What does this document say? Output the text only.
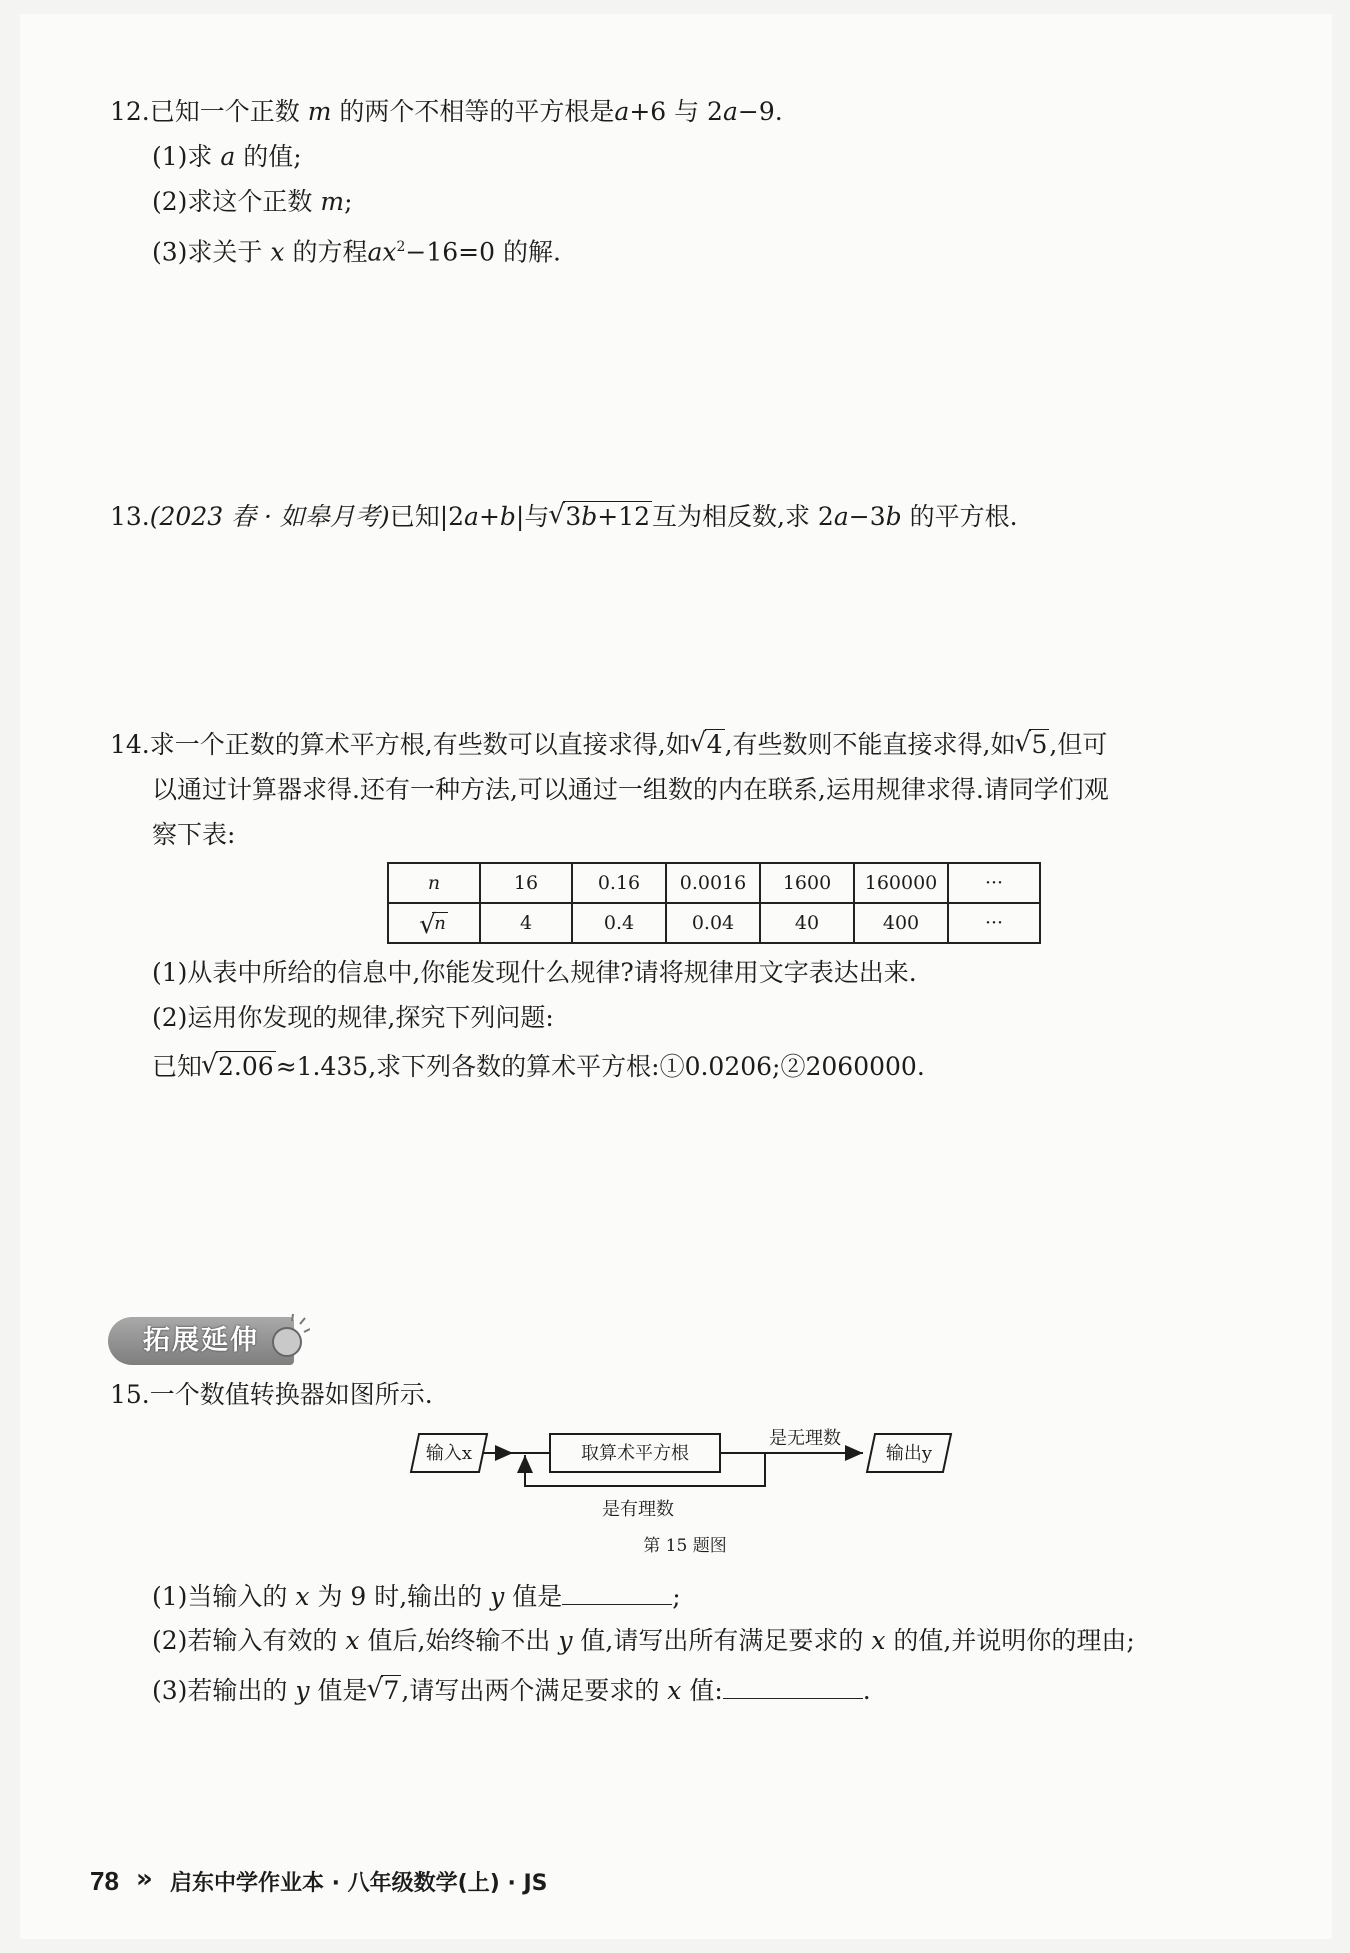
12.已知一个正数 m 的两个不相等的平方根是a+6 与 2a−9.
(1)求 a 的值;
(2)求这个正数 m;
(3)求关于 x 的方程$ax^2-16=0$ 的解.
13.(2023 春 · 如皋月考)已知|2a+b|与 √ 3b+12互为相反数,求 2a−3b 的平方根.
14.求一个正数的算术平方根,有些数可以直接求得,如 √ 4,有些数则不能直接求得,如 √ 5,但可
以通过计算器求得.还有一种方法,可以通过一组数的内在联系,运用规律求得.请同学们观
察下表:
n	16	0.16	0.0016	1600	160000	···
√ n	4	0.4	0.04	40	400	···
(1)从表中所给的信息中,你能发现什么规律?请将规律用文字表达出来.
(2)运用你发现的规律,探究下列问题:
已知 √ 2.06≈1.435,求下列各数的算术平方根:①0.0206;②2060000.
拓展延伸
15.一个数值转换器如图所示.
输入x	取算术平方根
是无理数
输出y
是有理数
第 15 题图
(1)当输入的 x 为 9 时,输出的 y 值是	;
(2)若输入有效的 x 值后,始终输不出 y 值,请写出所有满足要求的 x 的值,并说明你的理由;
(3)若输出的 y 值是 √ 7,请写出两个满足要求的 x 值:	.
78 » 启东中学作业本 · 八年级数学(上) · JS
